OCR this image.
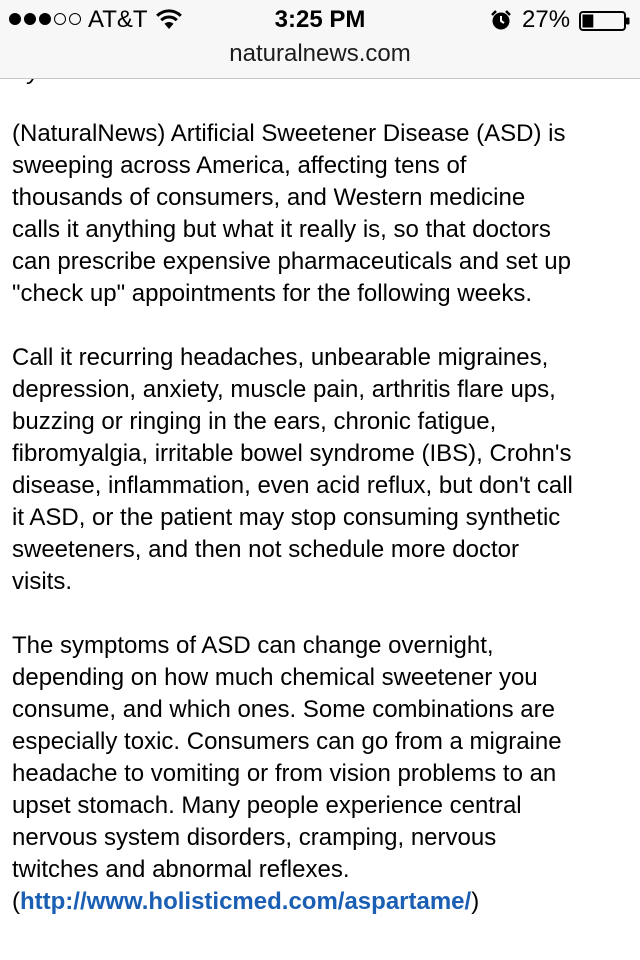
AT&T	3:25 PM	27%
naturalnews.com

(NaturalNews) Artificial Sweetener Disease (ASD) is
sweeping across America, affecting tens of
thousands of consumers, and Western medicine
calls it anything but what it really is, so that doctors
can prescribe expensive pharmaceuticals and set up
"check up" appointments for the following weeks.

Call it recurring headaches, unbearable migraines,
depression, anxiety, muscle pain, arthritis flare ups,
buzzing or ringing in the ears, chronic fatigue,
fibromyalgia, irritable bowel syndrome (IBS), Crohn's
disease, inflammation, even acid reflux, but don't call
it ASD, or the patient may stop consuming synthetic
sweeteners, and then not schedule more doctor
visits.

The symptoms of ASD can change overnight,
depending on how much chemical sweetener you
consume, and which ones. Some combinations are
especially toxic. Consumers can go from a migraine
headache to vomiting or from vision problems to an
upset stomach. Many people experience central
nervous system disorders, cramping, nervous
twitches and abnormal reflexes.

(http://www.holisticmed.com/aspartame/)
